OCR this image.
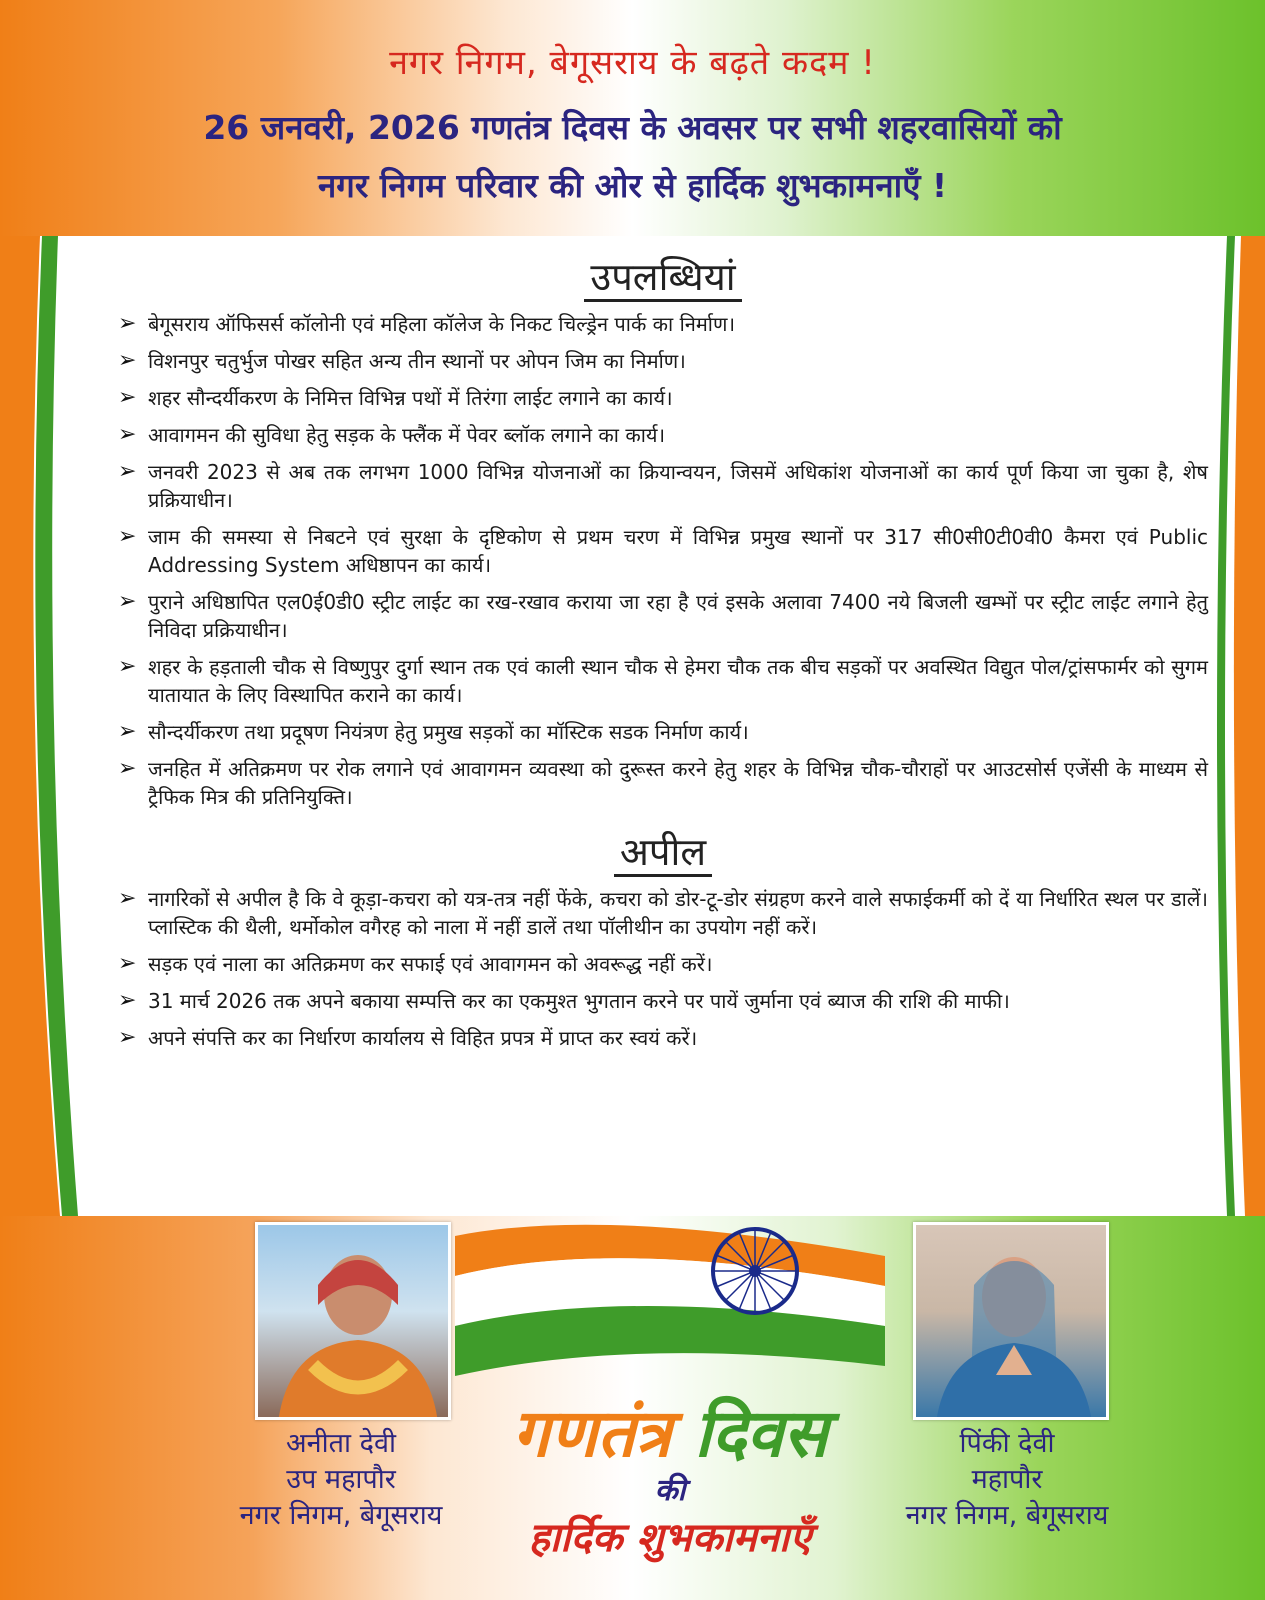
नगर निगम, बेगूसराय के बढ़ते कदम !
26 जनवरी, 2026 गणतंत्र दिवस के अवसर पर सभी शहरवासियों को
नगर निगम परिवार की ओर से हार्दिक शुभकामनाएँ !
उपलब्धियां
➢ बेगूसराय ऑफिसर्स कॉलोनी एवं महिला कॉलेज के निकट चिल्ड्रेन पार्क का निर्माण।
➢ विशनपुर चतुर्भुज पोखर सहित अन्य तीन स्थानों पर ओपन जिम का निर्माण।
➢ शहर सौन्दर्यीकरण के निमित्त विभिन्न पथों में तिरंगा लाईट लगाने का कार्य।
➢ आवागमन की सुविधा हेतु सड़क के फ्लैंक में पेवर ब्लॉक लगाने का कार्य।
➢ जनवरी 2023 से अब तक लगभग 1000 विभिन्न योजनाओं का क्रियान्वयन, जिसमें अधिकांश योजनाओं का कार्य पूर्ण किया जा चुका है, शेष प्रक्रियाधीन।
➢ जाम की समस्या से निबटने एवं सुरक्षा के दृष्टिकोण से प्रथम चरण में विभिन्न प्रमुख स्थानों पर 317 सी0सी0टी0वी0 कैमरा एवं Public Addressing System अधिष्ठापन का कार्य।
➢ पुराने अधिष्ठापित एल0ई0डी0 स्ट्रीट लाईट का रख-रखाव कराया जा रहा है एवं इसके अलावा 7400 नये बिजली खम्भों पर स्ट्रीट लाईट लगाने हेतु निविदा प्रक्रियाधीन।
➢ शहर के हड़ताली चौक से विष्णुपुर दुर्गा स्थान तक एवं काली स्थान चौक से हेमरा चौक तक बीच सड़कों पर अवस्थित विद्युत पोल/ट्रांसफार्मर को सुगम यातायात के लिए विस्थापित कराने का कार्य।
➢ सौन्दर्यीकरण तथा प्रदूषण नियंत्रण हेतु प्रमुख सड़कों का मॉस्टिक सडक निर्माण कार्य।
➢ जनहित में अतिक्रमण पर रोक लगाने एवं आवागमन व्यवस्था को दुरूस्त करने हेतु शहर के विभिन्न चौक-चौराहों पर आउटसोर्स एजेंसी के माध्यम से ट्रैफिक मित्र की प्रतिनियुक्ति।
अपील
➢ नागरिकों से अपील है कि वे कूड़ा-कचरा को यत्र-तत्र नहीं फेंके, कचरा को डोर-टू-डोर संग्रहण करने वाले सफाईकर्मी को दें या निर्धारित स्थल पर डालें। प्लास्टिक की थैली, थर्मोकोल वगैरह को नाला में नहीं डालें तथा पॉलीथीन का उपयोग नहीं करें।
➢ सड़क एवं नाला का अतिक्रमण कर सफाई एवं आवागमन को अवरूद्ध नहीं करें।
➢ 31 मार्च 2026 तक अपने बकाया सम्पत्ति कर का एकमुश्त भुगतान करने पर पायें जुर्माना एवं ब्याज की राशि की माफी।
➢ अपने संपत्ति कर का निर्धारण कार्यालय से विहित प्रपत्र में प्राप्त कर स्वयं करें।
गणतंत्र दिवस
की
हार्दिक शुभकामनाएँ
अनीता देवी
उप महापौर
नगर निगम, बेगूसराय
पिंकी देवी
महापौर
नगर निगम, बेगूसराय
